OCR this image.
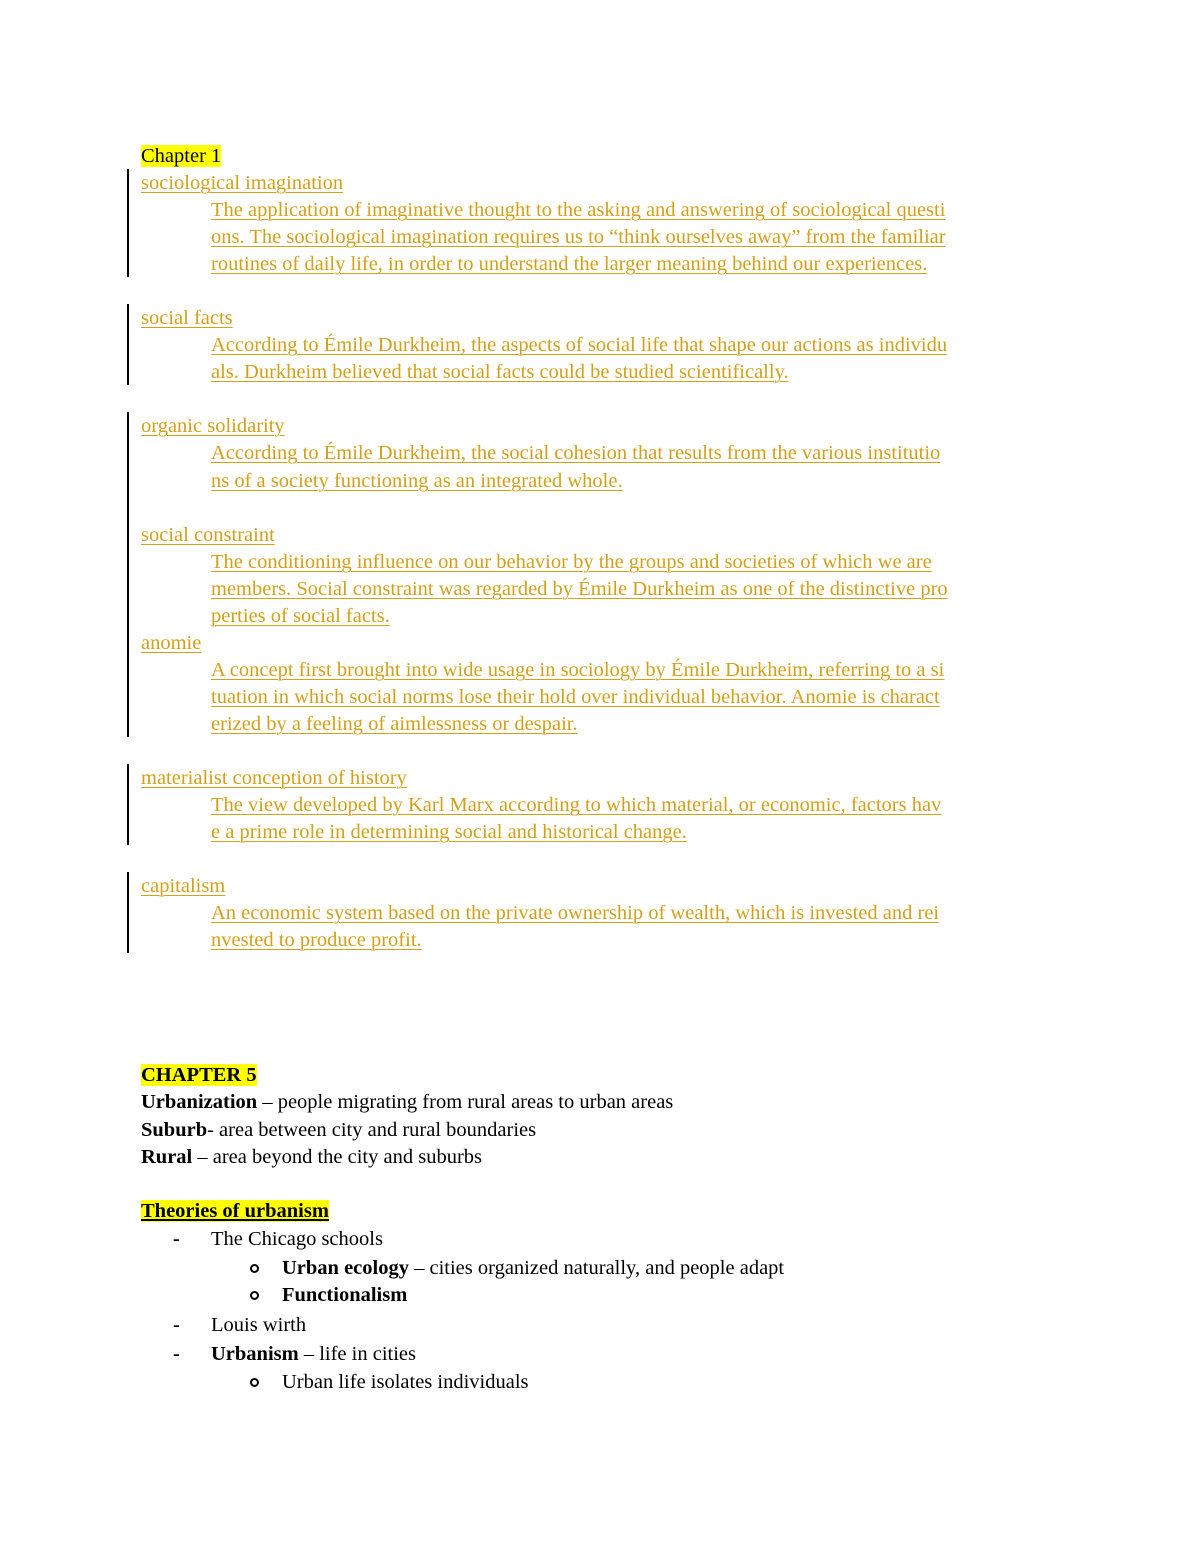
Chapter 1
sociological imagination
The application of imaginative thought to the asking and answering of sociological questi
ons. The sociological imagination requires us to “think ourselves away” from the familiar
routines of daily life, in order to understand the larger meaning behind our experiences.
social facts
According to Émile Durkheim, the aspects of social life that shape our actions as individu
als. Durkheim believed that social facts could be studied scientifically.
organic solidarity
According to Émile Durkheim, the social cohesion that results from the various institutio
ns of a society functioning as an integrated whole.
social constraint
The conditioning influence on our behavior by the groups and societies of which we are
members. Social constraint was regarded by Émile Durkheim as one of the distinctive pro
perties of social facts.
anomie
A concept first brought into wide usage in sociology by Émile Durkheim, referring to a si
tuation in which social norms lose their hold over individual behavior. Anomie is charact
erized by a feeling of aimlessness or despair.
materialist conception of history
The view developed by Karl Marx according to which material, or economic, factors hav
e a prime role in determining social and historical change.
capitalism
An economic system based on the private ownership of wealth, which is invested and rei
nvested to produce profit.
CHAPTER 5
Urbanization – people migrating from rural areas to urban areas
Suburb- area between city and rural boundaries
Rural – area beyond the city and suburbs
Theories of urbanism
- The Chicago schools
Urban ecology – cities organized naturally, and people adapt
Functionalism
- Louis wirth
- Urbanism – life in cities
Urban life isolates individuals
